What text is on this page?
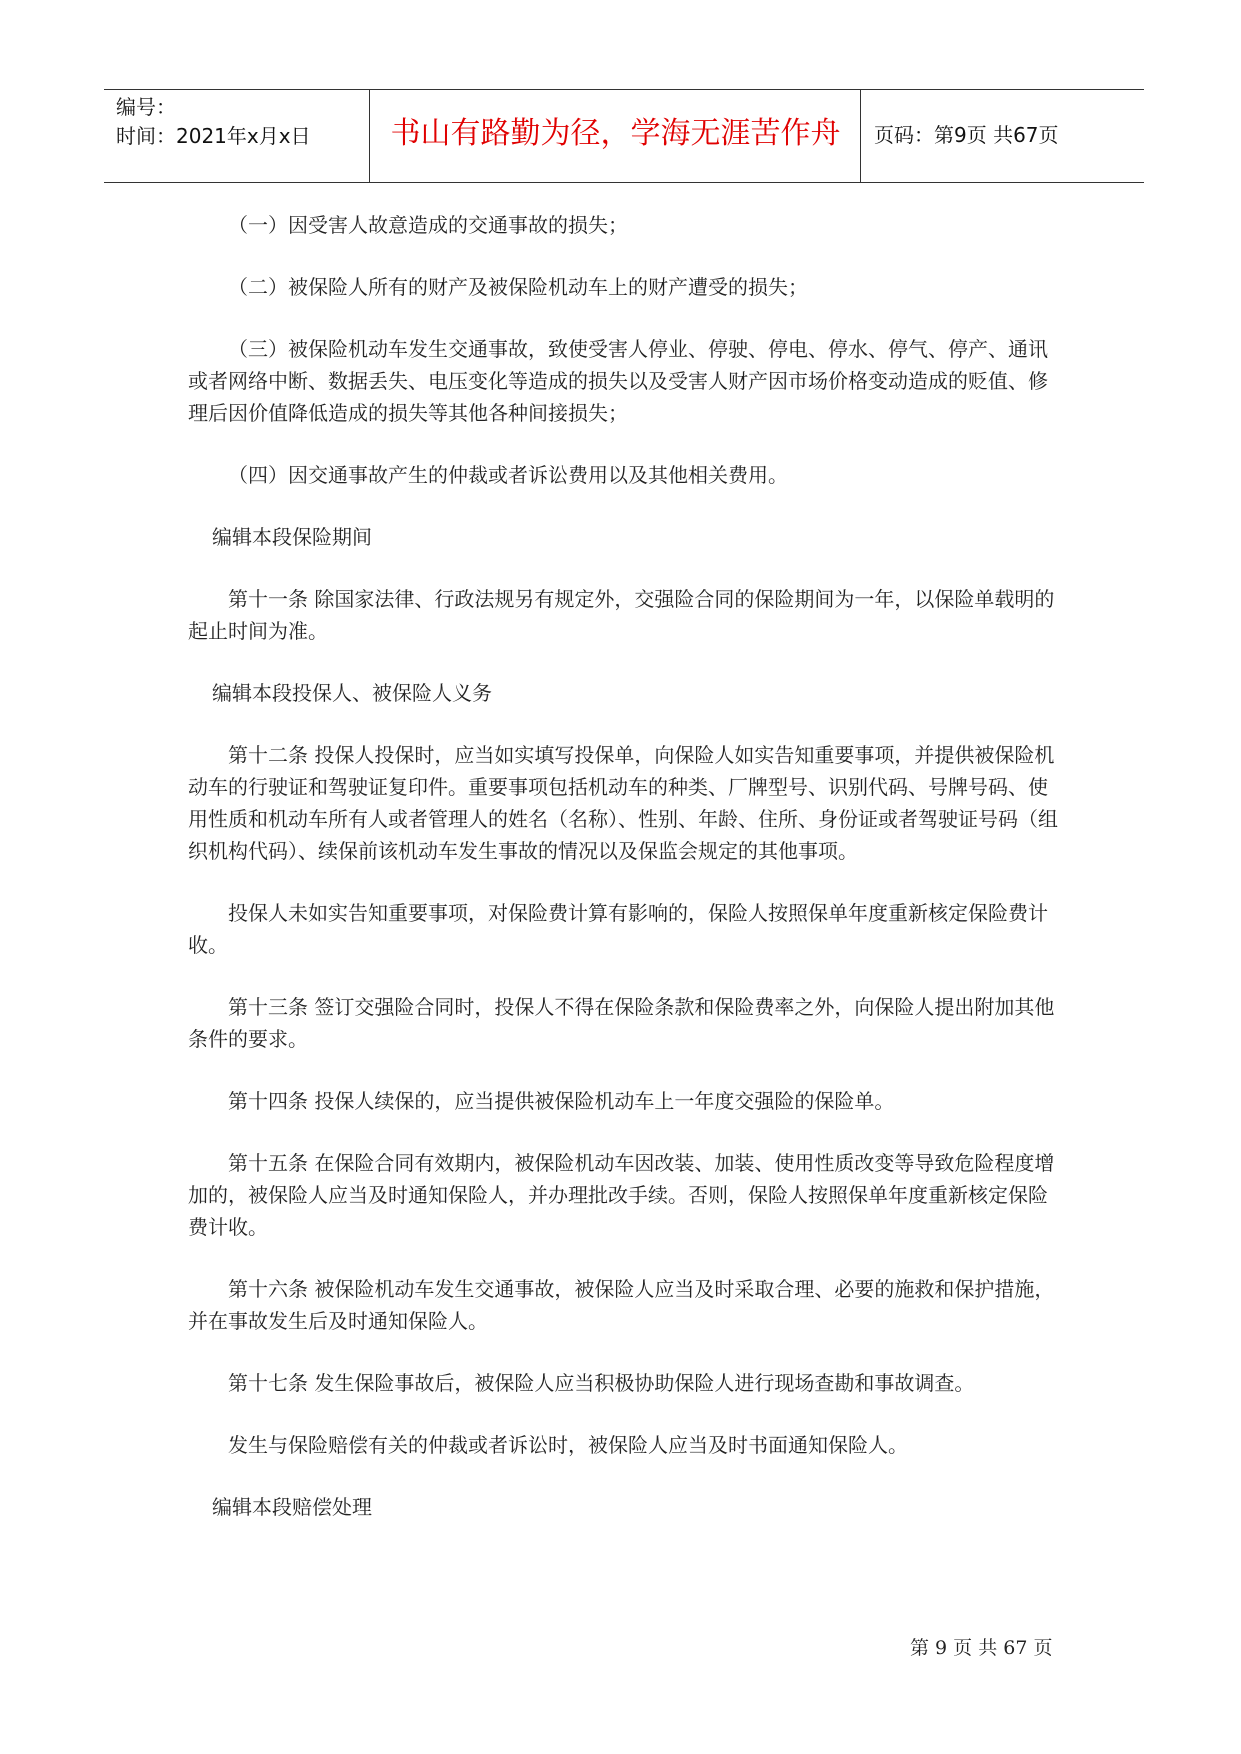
编号：
时间：2021年x月x日	书山有路勤为径，学海无涯苦作舟	页码：第9页 共67页

（一）因受害人故意造成的交通事故的损失；

（二）被保险人所有的财产及被保险机动车上的财产遭受的损失；

（三）被保险机动车发生交通事故，致使受害人停业、停驶、停电、停水、停气、停产、通讯或者网络中断、数据丢失、电压变化等造成的损失以及受害人财产因市场价格变动造成的贬值、修理后因价值降低造成的损失等其他各种间接损失；

（四）因交通事故产生的仲裁或者诉讼费用以及其他相关费用。

编辑本段保险期间

第十一条 除国家法律、行政法规另有规定外，交强险合同的保险期间为一年，以保险单载明的起止时间为准。

编辑本段投保人、被保险人义务

第十二条 投保人投保时，应当如实填写投保单，向保险人如实告知重要事项，并提供被保险机动车的行驶证和驾驶证复印件。重要事项包括机动车的种类、厂牌型号、识别代码、号牌号码、使用性质和机动车所有人或者管理人的姓名（名称）、性别、年龄、住所、身份证或者驾驶证号码（组织机构代码）、续保前该机动车发生事故的情况以及保监会规定的其他事项。

投保人未如实告知重要事项，对保险费计算有影响的，保险人按照保单年度重新核定保险费计收。

第十三条 签订交强险合同时，投保人不得在保险条款和保险费率之外，向保险人提出附加其他条件的要求。

第十四条 投保人续保的，应当提供被保险机动车上一年度交强险的保险单。

第十五条 在保险合同有效期内，被保险机动车因改装、加装、使用性质改变等导致危险程度增加的，被保险人应当及时通知保险人，并办理批改手续。否则，保险人按照保单年度重新核定保险费计收。

第十六条 被保险机动车发生交通事故，被保险人应当及时采取合理、必要的施救和保护措施，并在事故发生后及时通知保险人。

第十七条 发生保险事故后，被保险人应当积极协助保险人进行现场查勘和事故调查。

发生与保险赔偿有关的仲裁或者诉讼时，被保险人应当及时书面通知保险人。

编辑本段赔偿处理

第 9 页 共 67 页
